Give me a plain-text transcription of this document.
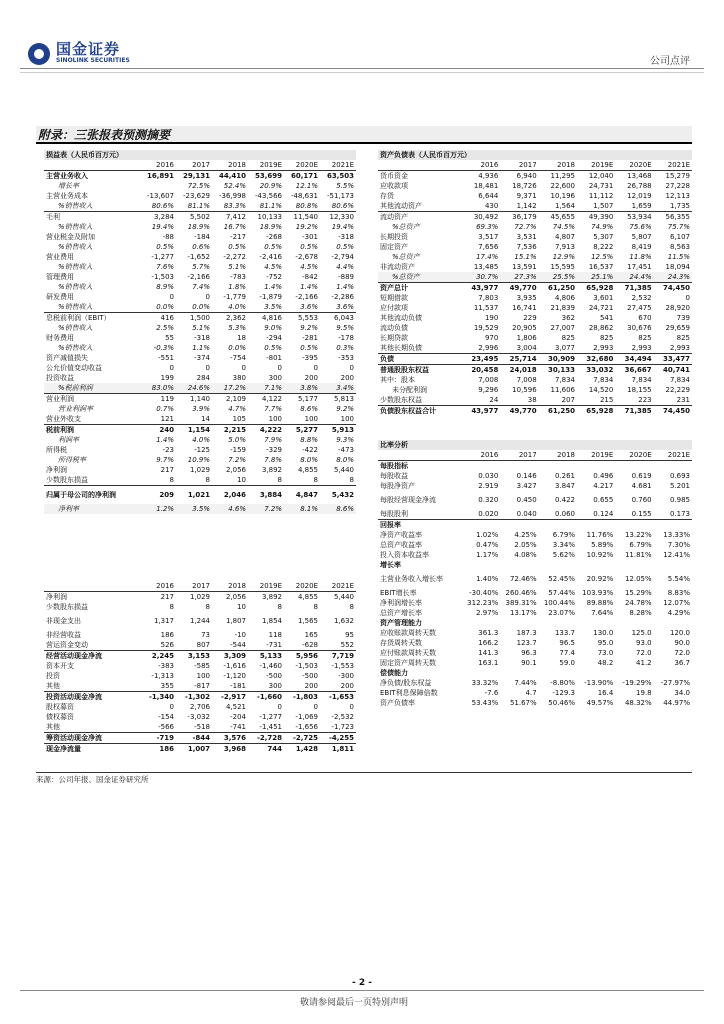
国金证券
SINOLINK SECURITIES	公司点评
附录：三张报表预测摘要
损益表（人民币百万元）						
	2016	2017	2018	2019E	2020E	2021E
主营业务收入	16,891	29,131	44,410	53,699	60,171	63,503
增长率		72.5%	52.4%	20.9%	12.1%	5.5%
主营业务成本	-13,607	-23,629	-36,998	-43,566	-48,631	-51,173
%销售收入	80.6%	81.1%	83.3%	81.1%	80.8%	80.6%
毛利	3,284	5,502	7,412	10,133	11,540	12,330
%销售收入	19.4%	18.9%	16.7%	18.9%	19.2%	19.4%
营业税金及附加	-88	-184	-217	-268	-301	-318
%销售收入	0.5%	0.6%	0.5%	0.5%	0.5%	0.5%
营业费用	-1,277	-1,652	-2,272	-2,416	-2,678	-2,794
%销售收入	7.6%	5.7%	5.1%	4.5%	4.5%	4.4%
管理费用	-1,503	-2,166	-783	-752	-842	-889
%销售收入	8.9%	7.4%	1.8%	1.4%	1.4%	1.4%
研发费用	0	0	-1,779	-1,879	-2,166	-2,286
%销售收入	0.0%	0.0%	4.0%	3.5%	3.6%	3.6%
息税前利润（EBIT）	416	1,500	2,362	4,816	5,553	6,043
%销售收入	2.5%	5.1%	5.3%	9.0%	9.2%	9.5%
财务费用	55	-318	18	-294	-281	-178
%销售收入	-0.3%	1.1%	0.0%	0.5%	0.5%	0.3%
资产减值损失	-551	-374	-754	-801	-395	-353
公允价值变动收益	0	0	0	0	0	0
投资收益	199	284	380	300	200	200
%税前利润	83.0%	24.6%	17.2%	7.1%	3.8%	3.4%
营业利润	119	1,140	2,109	4,122	5,177	5,813
营业利润率	0.7%	3.9%	4.7%	7.7%	8.6%	9.2%
营业外收支	121	14	105	100	100	100
税前利润	240	1,154	2,215	4,222	5,277	5,913
利润率	1.4%	4.0%	5.0%	7.9%	8.8%	9.3%
所得税	-23	-125	-159	-329	-422	-473
所得税率	9.7%	10.9%	7.2%	7.8%	8.0%	8.0%
净利润	217	1,029	2,056	3,892	4,855	5,440
少数股东损益	8	8	10	8	8	8
归属于母公司的净利润	209	1,021	2,046	3,884	4,847	5,432
净利率	1.2%	3.5%	4.6%	7.2%	8.1%	8.6%
	2016	2017	2018	2019E	2020E	2021E
净利润	217	1,029	2,056	3,892	4,855	5,440
少数股东损益	8	8	10	8	8	8
非现金支出	1,317	1,244	1,807	1,854	1,565	1,632
非经营收益	186	73	-10	118	165	95
营运资金变动	526	807	-544	-731	-628	552
经营活动现金净流	2,245	3,153	3,309	5,133	5,956	7,719
资本开支	-383	-585	-1,616	-1,460	-1,503	-1,553
投资	-1,313	100	-1,120	-500	-500	-300
其他	355	-817	-181	300	200	200
投资活动现金净流	-1,340	-1,302	-2,917	-1,660	-1,803	-1,653
股权募资	0	2,706	4,521	0	0	0
债权募资	-154	-3,032	-204	-1,277	-1,069	-2,532
其他	-566	-518	-741	-1,451	-1,656	-1,723
筹资活动现金净流	-719	-844	3,576	-2,728	-2,725	-4,255
现金净流量	186	1,007	3,968	744	1,428	1,811
资产负债表（人民币百万元）						
	2016	2017	2018	2019E	2020E	2021E
货币资金	4,936	6,940	11,295	12,040	13,468	15,279
应收款项	18,481	18,726	22,600	24,731	26,788	27,228
存货	6,644	9,371	10,196	11,112	12,019	12,113
其他流动资产	430	1,142	1,564	1,507	1,659	1,735
流动资产	30,492	36,179	45,655	49,390	53,934	56,355
%总资产	69.3%	72.7%	74.5%	74.9%	75.6%	75.7%
长期投资	3,517	3,531	4,807	5,307	5,807	6,107
固定资产	7,656	7,536	7,913	8,222	8,419	8,563
%总资产	17.4%	15.1%	12.9%	12.5%	11.8%	11.5%
非流动资产	13,485	13,591	15,595	16,537	17,451	18,094
%总资产	30.7%	27.3%	25.5%	25.1%	24.4%	24.3%
资产总计	43,977	49,770	61,250	65,928	71,385	74,450
短期借款	7,803	3,935	4,806	3,601	2,532	0
应付款项	11,537	16,741	21,839	24,721	27,475	28,920
其他流动负债	190	229	362	541	670	739
流动负债	19,529	20,905	27,007	28,862	30,676	29,659
长期贷款	970	1,806	825	825	825	825
其他长期负债	2,996	3,004	3,077	2,993	2,993	2,993
负债	23,495	25,714	30,909	32,680	34,494	33,477
普通股股东权益	20,458	24,018	30,133	33,032	36,667	40,741
其中：股本	7,008	7,008	7,834	7,834	7,834	7,834
未分配利润	9,296	10,596	11,606	14,520	18,155	22,229
少数股东权益	24	38	207	215	223	231
负债股东权益合计	43,977	49,770	61,250	65,928	71,385	74,450
比率分析						
	2016	2017	2018	2019E	2020E	2021E
每股指标						
每股收益	0.030	0.146	0.261	0.496	0.619	0.693
每股净资产	2.919	3.427	3.847	4.217	4.681	5.201
每股经营现金净流	0.320	0.450	0.422	0.655	0.760	0.985
每股股利	0.020	0.040	0.060	0.124	0.155	0.173
回报率						
净资产收益率	1.02%	4.25%	6.79%	11.76%	13.22%	13.33%
总资产收益率	0.47%	2.05%	3.34%	5.89%	6.79%	7.30%
投入资本收益率	1.17%	4.08%	5.62%	10.92%	11.81%	12.41%
增长率						
主营业务收入增长率	1.40%	72.46%	52.45%	20.92%	12.05%	5.54%
EBIT增长率	-30.40%	260.46%	57.44%	103.93%	15.29%	8.83%
净利润增长率	312.23%	389.31%	100.44%	89.88%	24.78%	12.07%
总资产增长率	2.97%	13.17%	23.07%	7.64%	8.28%	4.29%
资产管理能力						
应收账款周转天数	361.3	187.3	133.7	130.0	125.0	120.0
存货周转天数	166.2	123.7	96.5	95.0	93.0	90.0
应付账款周转天数	141.3	96.3	77.4	73.0	72.0	72.0
固定资产周转天数	163.1	90.1	59.0	48.2	41.2	36.7
偿债能力						
净负债/股东权益	33.32%	7.44%	-8.80%	-13.90%	-19.29%	-27.97%
EBIT利息保障倍数	-7.6	4.7	-129.3	16.4	19.8	34.0
资产负债率	53.43%	51.67%	50.46%	49.57%	48.32%	44.97%
来源：公司年报、国金证券研究所
- 2 -
敬请参阅最后一页特别声明
